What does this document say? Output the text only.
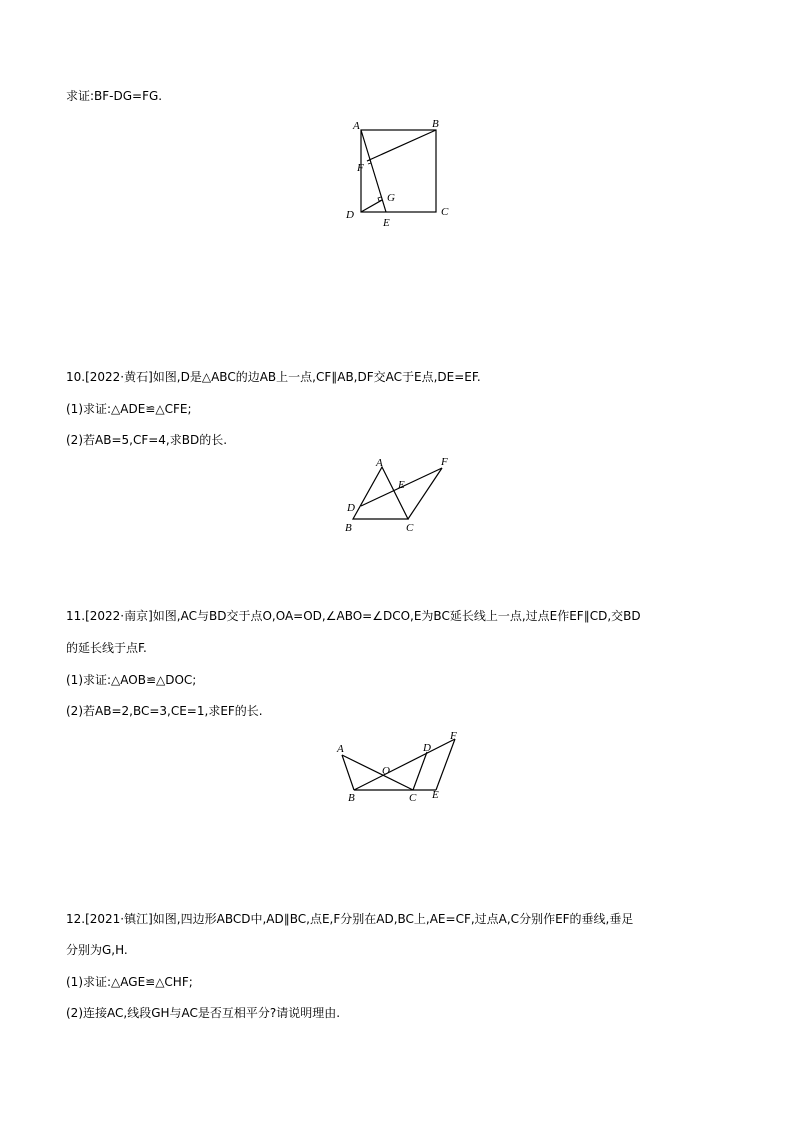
求证:BF-DG=FG.
A	B
C
D
E
F
G
10.[2022·黄石]如图,D是△ABC的边AB上一点,CF∥AB,DF交AC于E点,DE=EF.
(1)求证:△ADE≌△CFE;
(2)若AB=5,CF=4,求BD的长.
A
B	C
D
E
F
11.[2022·南京]如图,AC与BD交于点O,OA=OD,∠ABO=∠DCO,E为BC延长线上一点,过点E作EF∥CD,交BD
的延长线于点F.
(1)求证:△AOB≌△DOC;
(2)若AB=2,BC=3,CE=1,求EF的长.
A
B	C
D
E
F
O
12.[2021·镇江]如图,四边形ABCD中,AD∥BC,点E,F分别在AD,BC上,AE=CF,过点A,C分别作EF的垂线,垂足
分别为G,H.
(1)求证:△AGE≌△CHF;
(2)连接AC,线段GH与AC是否互相平分?请说明理由.
